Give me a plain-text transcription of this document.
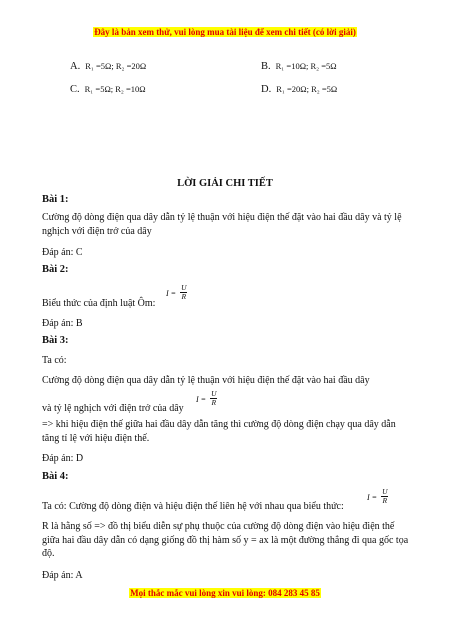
Đây là bản xem thử, vui lòng mua tài liệu để xem chi tiết (có lời giải)
A. R₁ =5Ω; R₂ =20Ω	B. R₁ =10Ω; R₂ =5Ω
C. R₁ =5Ω; R₂ =10Ω	D. R₁ =20Ω; R₂ =5Ω
LỜI GIẢI CHI TIẾT
Bài 1:
Cường độ dòng điện qua dây dẫn tỷ lệ thuận với hiệu điện thế đặt vào hai đầu dây và tỷ lệ nghịch với điện trở của dây
Đáp án: C
Bài 2:
Biểu thức của định luật Ôm:
$I = \frac{U}{R}$
Đáp án: B
Bài 3:
Ta có:
Cường độ dòng điện qua dây dẫn tỷ lệ thuận với hiệu điện thế đặt vào hai đầu dây
và tỷ lệ nghịch với điện trở của dây
$I = \frac{U}{R}$
=> khi hiệu điện thế giữa hai đầu dây dẫn tăng thì cường độ dòng điện chạy qua dây dẫn tăng tỉ lệ với hiệu điện thế.
Đáp án: D
Bài 4:
Ta có: Cường độ dòng điện và hiệu điện thế liên hệ với nhau qua biểu thức:
$I = \frac{U}{R}$
R là hằng số => đồ thị biểu diễn sự phụ thuộc của cường độ dòng điện vào hiệu điện thế giữa hai đầu dây dẫn có dạng giống đồ thị hàm số y = ax là một đường thẳng đi qua gốc tọa độ.
Đáp án: A
Mọi thắc mắc vui lòng xin vui lòng: 084 283 45 85
